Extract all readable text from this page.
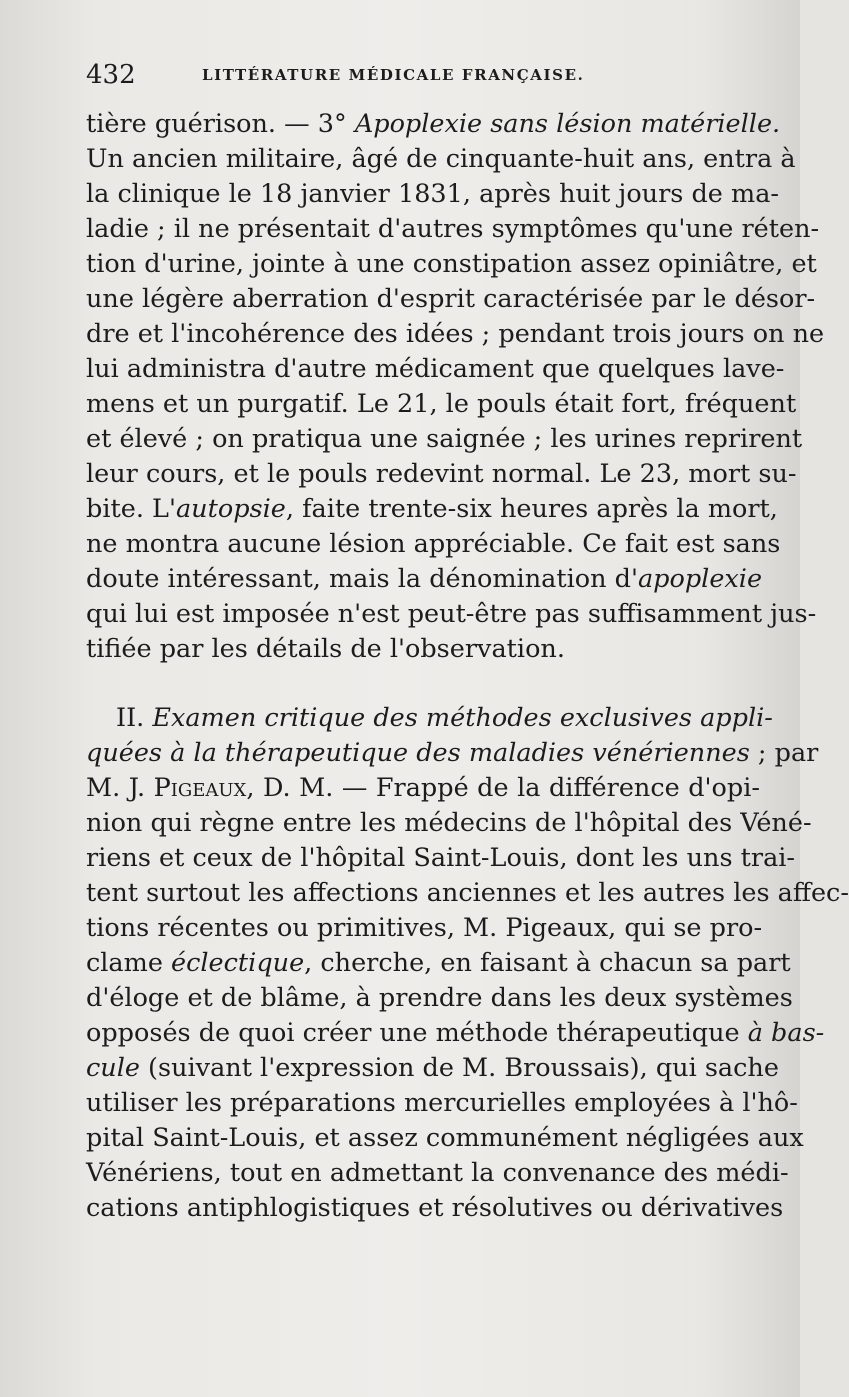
432	LITTÉRATURE MÉDICALE FRANÇAISE.
tière guérison. — 3° Apoplexie sans lésion matérielle.
Un ancien militaire, âgé de cinquante-huit ans, entra à
la clinique le 18 janvier 1831, après huit jours de ma-
ladie ; il ne présentait d'autres symptômes qu'une réten-
tion d'urine, jointe à une constipation assez opiniâtre, et
une légère aberration d'esprit caractérisée par le désor-
dre et l'incohérence des idées ; pendant trois jours on ne
lui administra d'autre médicament que quelques lave-
mens et un purgatif. Le 21, le pouls était fort, fréquent
et élevé ; on pratiqua une saignée ; les urines reprirent
leur cours, et le pouls redevint normal. Le 23, mort su-
bite. L'autopsie, faite trente-six heures après la mort,
ne montra aucune lésion appréciable. Ce fait est sans
doute intéressant, mais la dénomination d'apoplexie
qui lui est imposée n'est peut-être pas suffisamment jus-
tifiée par les détails de l'observation.
II. Examen critique des méthodes exclusives appli-
quées à la thérapeutique des maladies vénériennes ; par
M. J. Pigeaux, D. M. — Frappé de la différence d'opi-
nion qui règne entre les médecins de l'hôpital des Véné-
riens et ceux de l'hôpital Saint-Louis, dont les uns trai-
tent surtout les affections anciennes et les autres les affec-
tions récentes ou primitives, M. Pigeaux, qui se pro-
clame éclectique, cherche, en faisant à chacun sa part
d'éloge et de blâme, à prendre dans les deux systèmes
opposés de quoi créer une méthode thérapeutique à bas-
cule (suivant l'expression de M. Broussais), qui sache
utiliser les préparations mercurielles employées à l'hô-
pital Saint-Louis, et assez communément négligées aux
Vénériens, tout en admettant la convenance des médi-
cations antiphlogistiques et résolutives ou dérivatives
